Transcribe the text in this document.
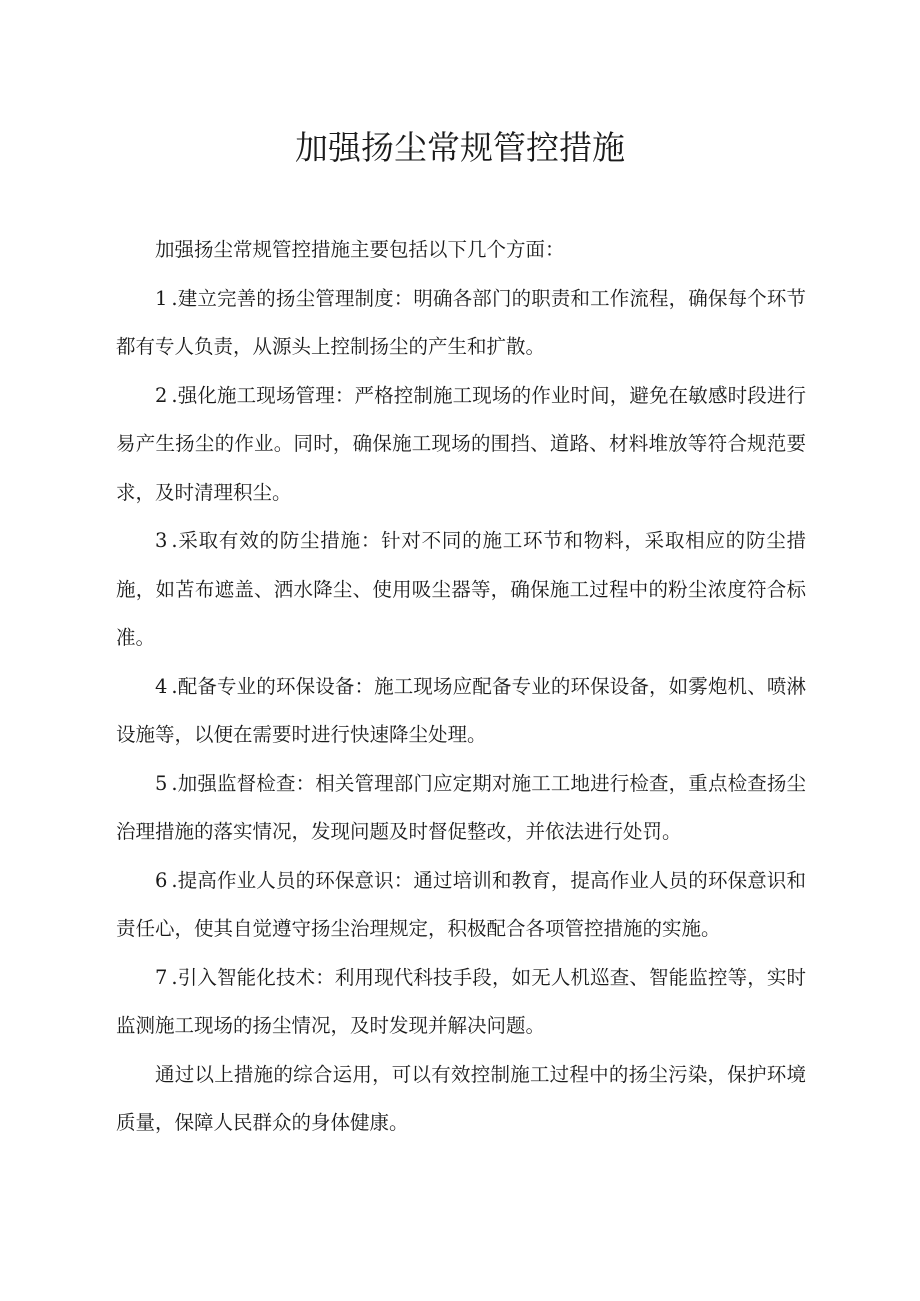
加强扬尘常规管控措施

加强扬尘常规管控措施主要包括以下几个方面：

1 .建立完善的扬尘管理制度：明确各部门的职责和工作流程，确保每个环节都有专人负责，从源头上控制扬尘的产生和扩散。

2 .强化施工现场管理：严格控制施工现场的作业时间，避免在敏感时段进行易产生扬尘的作业。同时，确保施工现场的围挡、道路、材料堆放等符合规范要求，及时清理积尘。

3 .采取有效的防尘措施：针对不同的施工环节和物料，采取相应的防尘措施，如苫布遮盖、洒水降尘、使用吸尘器等，确保施工过程中的粉尘浓度符合标准。

4 .配备专业的环保设备：施工现场应配备专业的环保设备，如雾炮机、喷淋设施等，以便在需要时进行快速降尘处理。

5 .加强监督检查：相关管理部门应定期对施工工地进行检查，重点检查扬尘治理措施的落实情况，发现问题及时督促整改，并依法进行处罚。

6 .提高作业人员的环保意识：通过培训和教育，提高作业人员的环保意识和责任心，使其自觉遵守扬尘治理规定，积极配合各项管控措施的实施。

7 .引入智能化技术：利用现代科技手段，如无人机巡查、智能监控等，实时监测施工现场的扬尘情况，及时发现并解决问题。

通过以上措施的综合运用，可以有效控制施工过程中的扬尘污染，保护环境质量，保障人民群众的身体健康。
